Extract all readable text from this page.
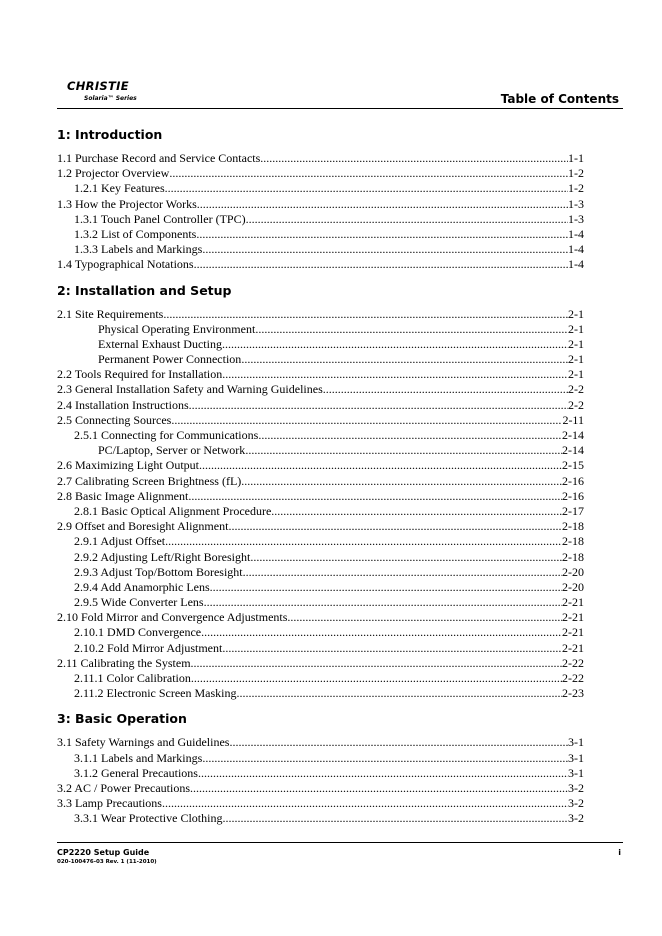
CHRISTIE
Solaria™ Series	Table of Contents
1: Introduction
1.1 Purchase Record and Service Contacts .....	1-1
1.2 Projector Overview .....	1-2
1.2.1 Key Features .....	1-2
1.3 How the Projector Works .....	1-3
1.3.1 Touch Panel Controller (TPC) .....	1-3
1.3.2 List of Components .....	1-4
1.3.3 Labels and Markings .....	1-4
1.4 Typographical Notations .....	1-4
2: Installation and Setup
2.1 Site Requirements .....	2-1
Physical Operating Environment .....	2-1
External Exhaust Ducting .....	2-1
Permanent Power Connection .....	2-1
2.2 Tools Required for Installation .....	2-1
2.3 General Installation Safety and Warning Guidelines .....	2-2
2.4 Installation Instructions .....	2-2
2.5 Connecting Sources .....	2-11
2.5.1 Connecting for Communications .....	2-14
PC/Laptop, Server or Network .....	2-14
2.6 Maximizing Light Output .....	2-15
2.7 Calibrating Screen Brightness (fL) .....	2-16
2.8 Basic Image Alignment .....	2-16
2.8.1 Basic Optical Alignment Procedure .....	2-17
2.9 Offset and Boresight Alignment .....	2-18
2.9.1 Adjust Offset .....	2-18
2.9.2 Adjusting Left/Right Boresight .....	2-18
2.9.3 Adjust Top/Bottom Boresight .....	2-20
2.9.4 Add Anamorphic Lens .....	2-20
2.9.5 Wide Converter Lens .....	2-21
2.10 Fold Mirror and Convergence Adjustments .....	2-21
2.10.1 DMD Convergence .....	2-21
2.10.2 Fold Mirror Adjustment .....	2-21
2.11 Calibrating the System .....	2-22
2.11.1 Color Calibration .....	2-22
2.11.2 Electronic Screen Masking .....	2-23
3: Basic Operation
3.1 Safety Warnings and Guidelines .....	3-1
3.1.1 Labels and Markings .....	3-1
3.1.2 General Precautions .....	3-1
3.2 AC / Power Precautions .....	3-2
3.3 Lamp Precautions .....	3-2
3.3.1 Wear Protective Clothing .....	3-2
CP2220 Setup Guide
020-100476-03 Rev. 1 (11-2010)
i
